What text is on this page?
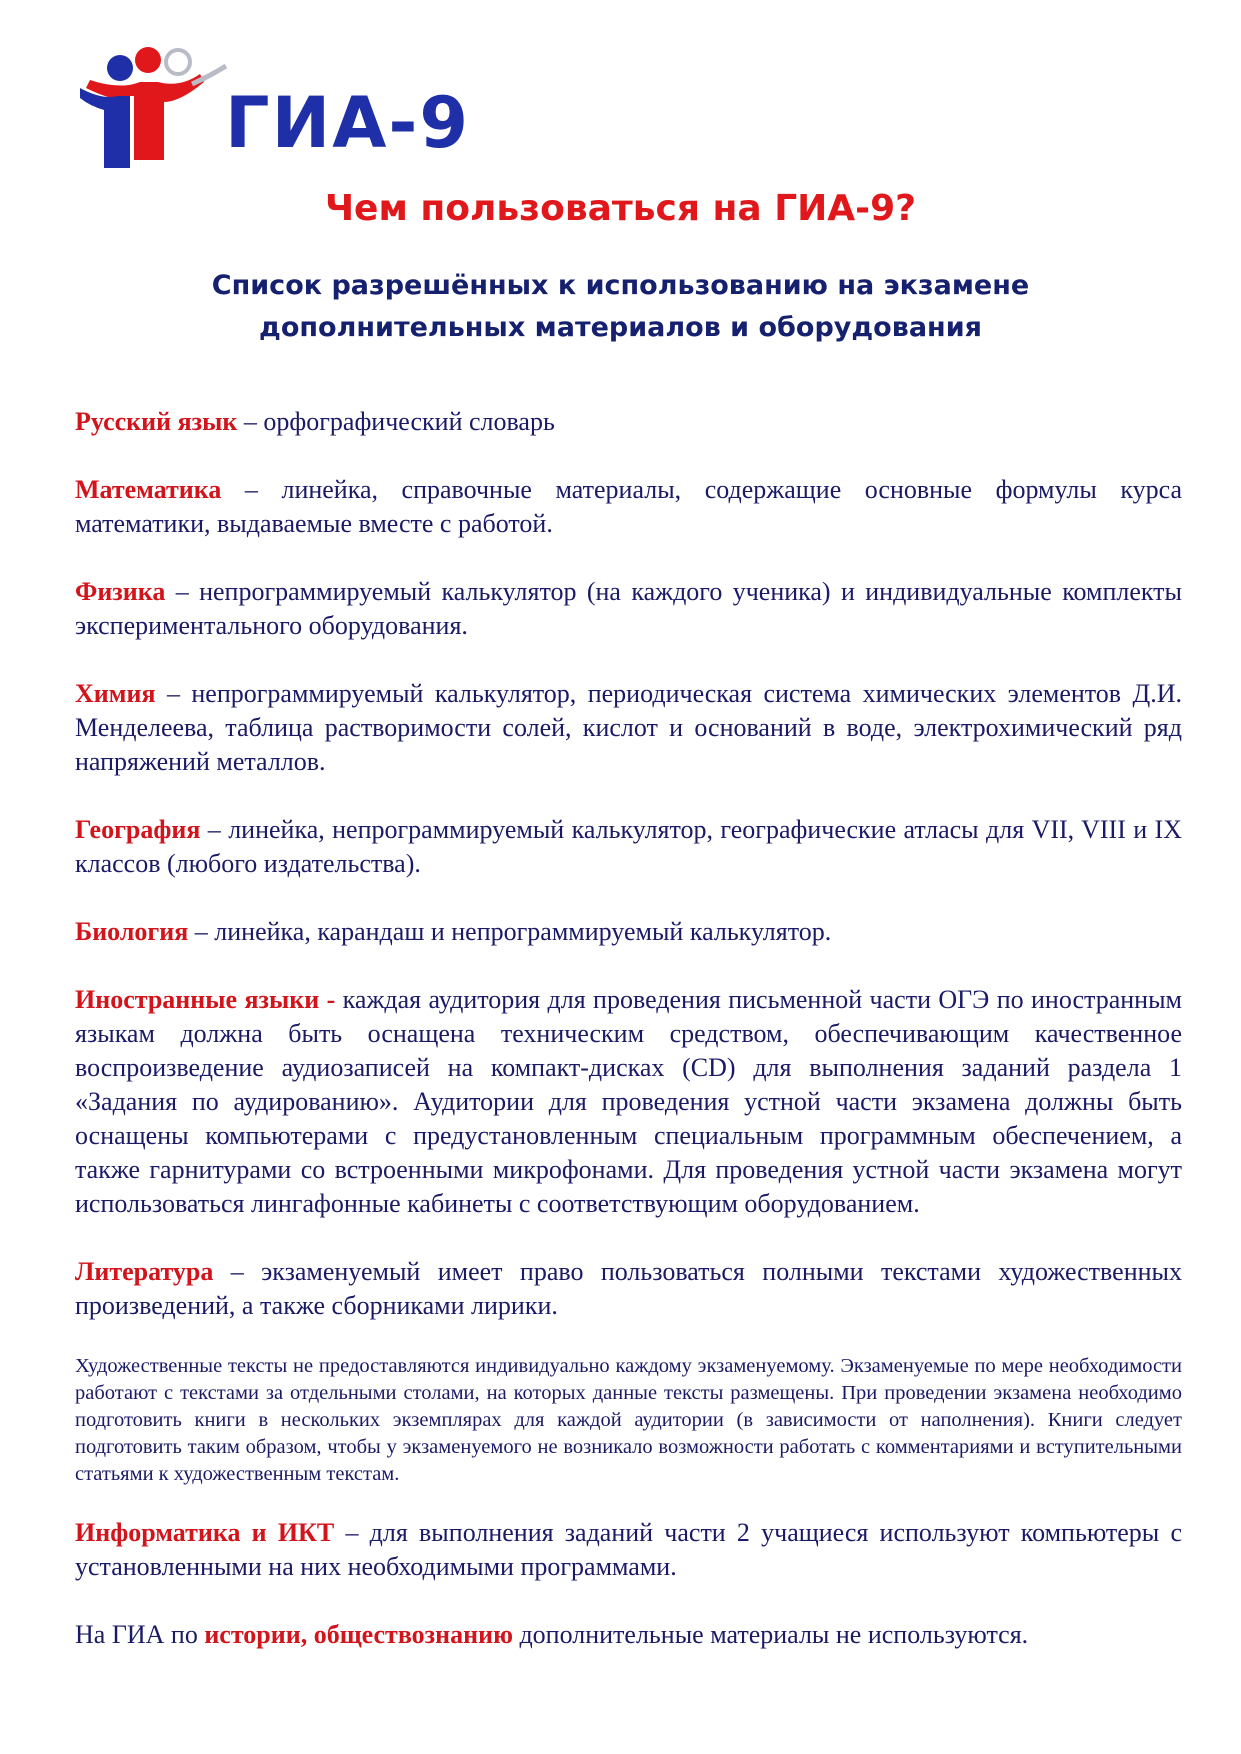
ГИА-9
Чем пользоваться на ГИА-9?
Список разрешённых к использованию на экзамене
дополнительных материалов и оборудования

Русский язык – орфографический словарь

Математика – линейка, справочные материалы, содержащие основные формулы курса математики, выдаваемые вместе с работой.

Физика – непрограммируемый калькулятор (на каждого ученика) и индивидуальные комплекты экспериментального оборудования.

Химия – непрограммируемый калькулятор, периодическая система химических элементов Д.И. Менделеева, таблица растворимости солей, кислот и оснований в воде, электрохимический ряд напряжений металлов.

География – линейка, непрограммируемый калькулятор, географические атласы для VII, VIII и IX классов (любого издательства).

Биология – линейка, карандаш и непрограммируемый калькулятор.

Иностранные языки - каждая аудитория для проведения письменной части ОГЭ по иностранным языкам должна быть оснащена техническим средством, обеспечивающим качественное воспроизведение аудиозаписей на компакт-дисках (CD) для выполнения заданий раздела 1 «Задания по аудированию». Аудитории для проведения устной части экзамена должны быть оснащены компьютерами с предустановленным специальным программным обеспечением, а также гарнитурами со встроенными микрофонами. Для проведения устной части экзамена могут использоваться лингафонные кабинеты с соответствующим оборудованием.

Литература – экзаменуемый имеет право пользоваться полными текстами художественных произведений, а также сборниками лирики.

Художественные тексты не предоставляются индивидуально каждому экзаменуемому. Экзаменуемые по мере необходимости работают с текстами за отдельными столами, на которых данные тексты размещены. При проведении экзамена необходимо подготовить книги в нескольких экземплярах для каждой аудитории (в зависимости от наполнения). Книги следует подготовить таким образом, чтобы у экзаменуемого не возникало возможности работать с комментариями и вступительными статьями к художественным текстам.

Информатика и ИКТ – для выполнения заданий части 2 учащиеся используют компьютеры с установленными на них необходимыми программами.

На ГИА по истории, обществознанию дополнительные материалы не используются.
